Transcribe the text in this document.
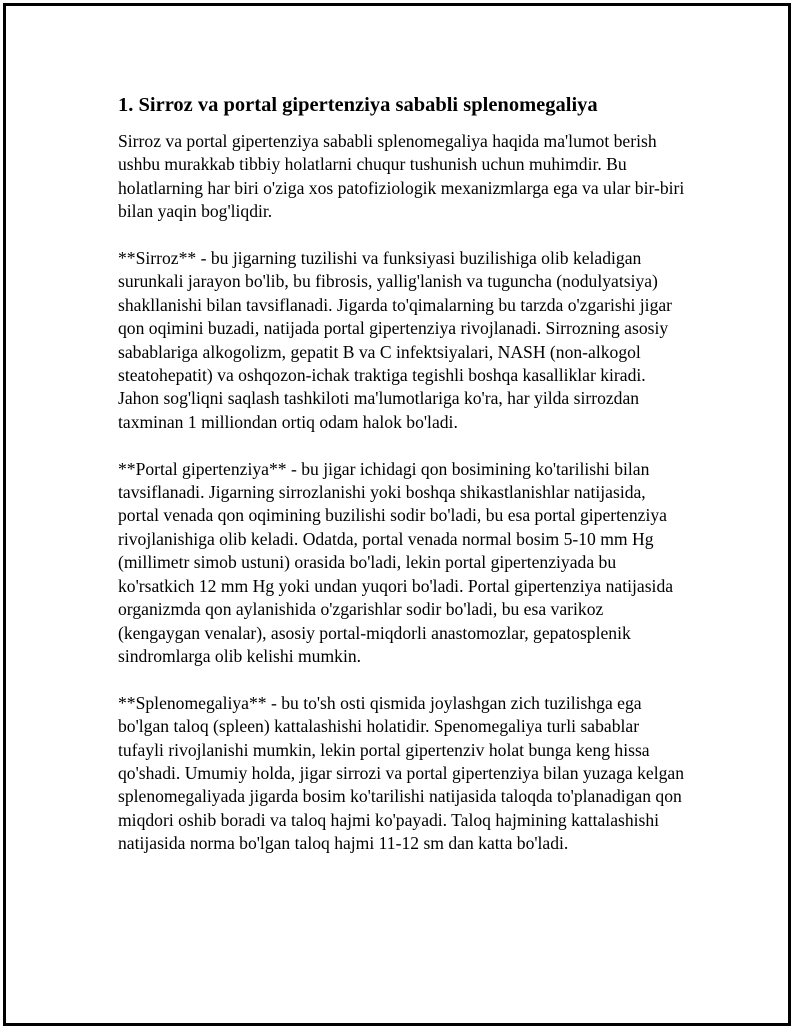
1. Sirroz va portal gipertenziya sababli splenomegaliya

Sirroz va portal gipertenziya sababli splenomegaliya haqida ma'lumot berish ushbu murakkab tibbiy holatlarni chuqur tushunish uchun muhimdir. Bu holatlarning har biri o'ziga xos patofiziologik mexanizmlarga ega va ular bir-biri bilan yaqin bog'liqdir.

**Sirroz** - bu jigarning tuzilishi va funksiyasi buzilishiga olib keladigan surunkali jarayon bo'lib, bu fibrosis, yallig'lanish va tuguncha (nodulyatsiya) shakllanishi bilan tavsiflanadi. Jigarda to'qimalarning bu tarzda o'zgarishi jigar qon oqimini buzadi, natijada portal gipertenziya rivojlanadi. Sirrozning asosiy sabablariga alkogolizm, gepatit B va C infektsiyalari, NASH (non-alkogol steatohepatit) va oshqozon-ichak traktiga tegishli boshqa kasalliklar kiradi. Jahon sog'liqni saqlash tashkiloti ma'lumotlariga ko'ra, har yilda sirrozdan taxminan 1 milliondan ortiq odam halok bo'ladi.

**Portal gipertenziya** - bu jigar ichidagi qon bosimining ko'tarilishi bilan tavsiflanadi. Jigarning sirrozlanishi yoki boshqa shikastlanishlar natijasida, portal venada qon oqimining buzilishi sodir bo'ladi, bu esa portal gipertenziya rivojlanishiga olib keladi. Odatda, portal venada normal bosim 5-10 mm Hg (millimetr simob ustuni) orasida bo'ladi, lekin portal gipertenziyada bu ko'rsatkich 12 mm Hg yoki undan yuqori bo'ladi. Portal gipertenziya natijasida organizmda qon aylanishida o'zgarishlar sodir bo'ladi, bu esa varikoz (kengaygan venalar), asosiy portal-miqdorli anastomozlar, gepatosplenik sindromlarga olib kelishi mumkin.

**Splenomegaliya** - bu to'sh osti qismida joylashgan zich tuzilishga ega bo'lgan taloq (spleen) kattalashishi holatidir. Spenomegaliya turli sabablar tufayli rivojlanishi mumkin, lekin portal gipertenziv holat bunga keng hissa qo'shadi. Umumiy holda, jigar sirrozi va portal gipertenziya bilan yuzaga kelgan splenomegaliyada jigarda bosim ko'tarilishi natijasida taloqda to'planadigan qon miqdori oshib boradi va taloq hajmi ko'payadi. Taloq hajmining kattalashishi natijasida norma bo'lgan taloq hajmi 11-12 sm dan katta bo'ladi.
